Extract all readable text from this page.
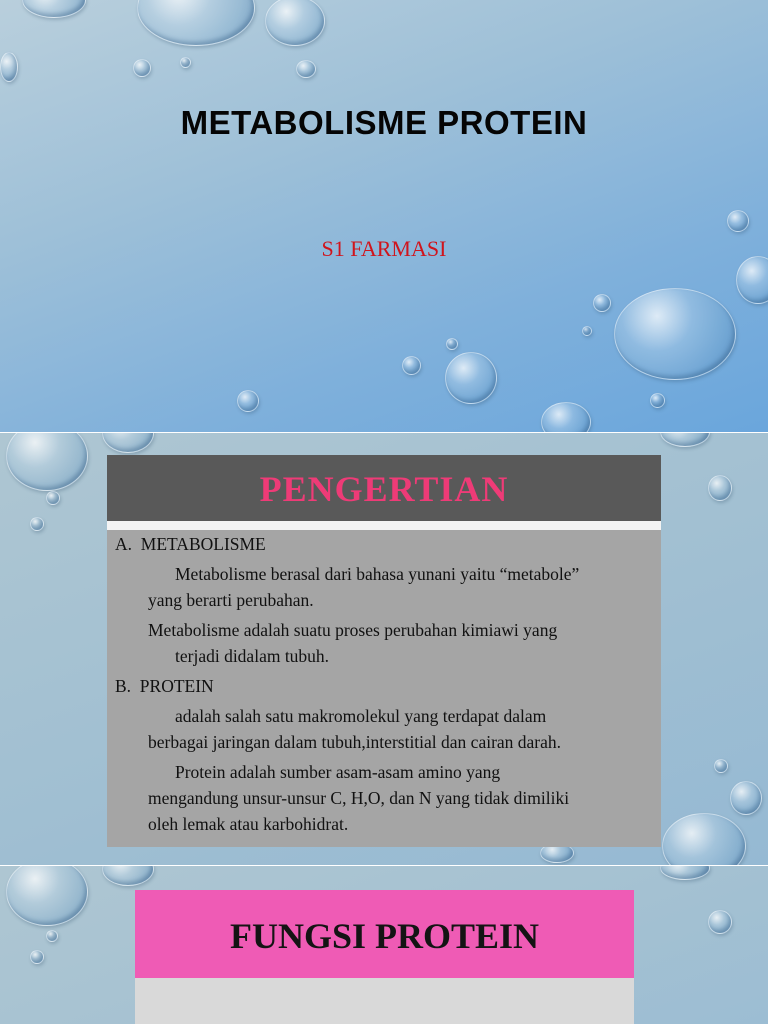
METABOLISME PROTEIN
S1 FARMASI
PENGERTIAN
A.  METABOLISME
Metabolisme berasal dari bahasa yunani yaitu “metabole”
yang berarti perubahan.
Metabolisme adalah suatu proses perubahan kimiawi yang
terjadi didalam tubuh.
B.  PROTEIN
adalah salah satu makromolekul yang terdapat dalam
berbagai jaringan dalam tubuh,interstitial dan cairan darah.
Protein adalah sumber asam-asam amino yang
mengandung unsur-unsur C, H,O, dan N yang tidak dimiliki
oleh lemak atau karbohidrat.
FUNGSI PROTEIN
